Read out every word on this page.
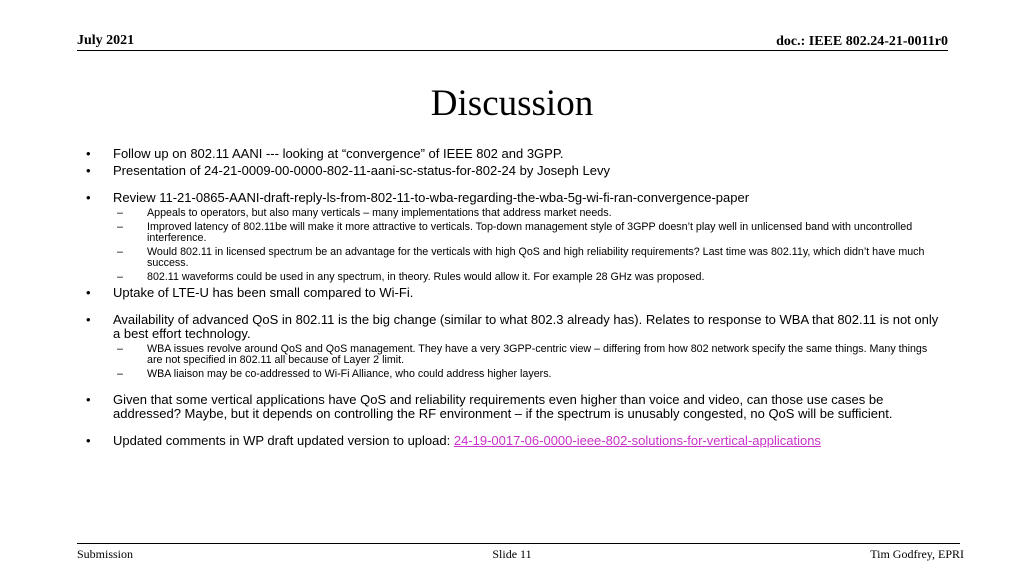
July 2021	doc.: IEEE 802.24-21-0011r0
Discussion
• Follow up on 802.11 AANI --- looking at “convergence” of IEEE 802 and 3GPP.
• Presentation of 24-21-0009-00-0000-802-11-aani-sc-status-for-802-24 by Joseph Levy
• Review 11-21-0865-AANI-draft-reply-ls-from-802-11-to-wba-regarding-the-wba-5g-wi-fi-ran-convergence-paper
– Appeals to operators, but also many verticals – many implementations that address market needs.
– Improved latency of 802.11be will make it more attractive to verticals. Top-down management style of 3GPP doesn’t play well in unlicensed band with uncontrolled interference.
– Would 802.11 in licensed spectrum be an advantage for the verticals with high QoS and high reliability requirements? Last time was 802.11y, which didn’t have much success.
– 802.11 waveforms could be used in any spectrum, in theory. Rules would allow it. For example 28 GHz was proposed.
• Uptake of LTE-U has been small compared to Wi-Fi.
• Availability of advanced QoS in 802.11 is the big change (similar to what 802.3 already has). Relates to response to WBA that 802.11 is not only a best effort technology.
– WBA issues revolve around QoS and QoS management. They have a very 3GPP-centric view – differing from how 802 network specify the same things. Many things are not specified in 802.11 all because of Layer 2 limit.
– WBA liaison may be co-addressed to Wi-Fi Alliance, who could address higher layers.
• Given that some vertical applications have QoS and reliability requirements even higher than voice and video, can those use cases be addressed? Maybe, but it depends on controlling the RF environment – if the spectrum is unusably congested, no QoS will be sufficient.
• Updated comments in WP draft updated version to upload: 24-19-0017-06-0000-ieee-802-solutions-for-vertical-applications
Submission	Slide 11	Tim Godfrey, EPRI
